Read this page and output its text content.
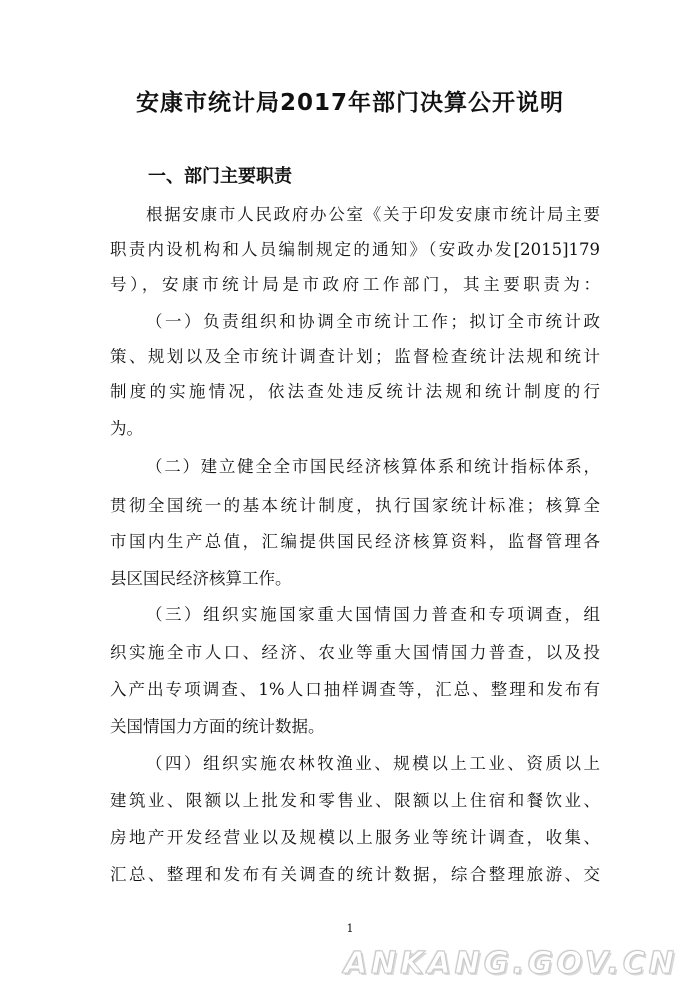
安康市统计局2017年部门决算公开说明
一、部门主要职责

根据安康市人民政府办公室《关于印发安康市统计局主要

职责内设机构和人员编制规定的通知》（安政办发[2015]179

号），安康市统计局是市政府工作部门，其主要职责为：

（一）负责组织和协调全市统计工作；拟订全市统计政

策、规划以及全市统计调查计划；监督检查统计法规和统计

制度的实施情况，依法查处违反统计法规和统计制度的行

为。

（二）建立健全全市国民经济核算体系和统计指标体系，

贯彻全国统一的基本统计制度，执行国家统计标准；核算全

市国内生产总值，汇编提供国民经济核算资料，监督管理各

县区国民经济核算工作。

（三）组织实施国家重大国情国力普查和专项调查，组

织实施全市人口、经济、农业等重大国情国力普查，以及投

入产出专项调查、1%人口抽样调查等，汇总、整理和发布有

关国情国力方面的统计数据。

（四）组织实施农林牧渔业、规模以上工业、资质以上

建筑业、限额以上批发和零售业、限额以上住宿和餐饮业、

房地产开发经营业以及规模以上服务业等统计调查，收集、

汇总、整理和发布有关调查的统计数据，综合整理旅游、交

1
ANKANG.GOV.CN
